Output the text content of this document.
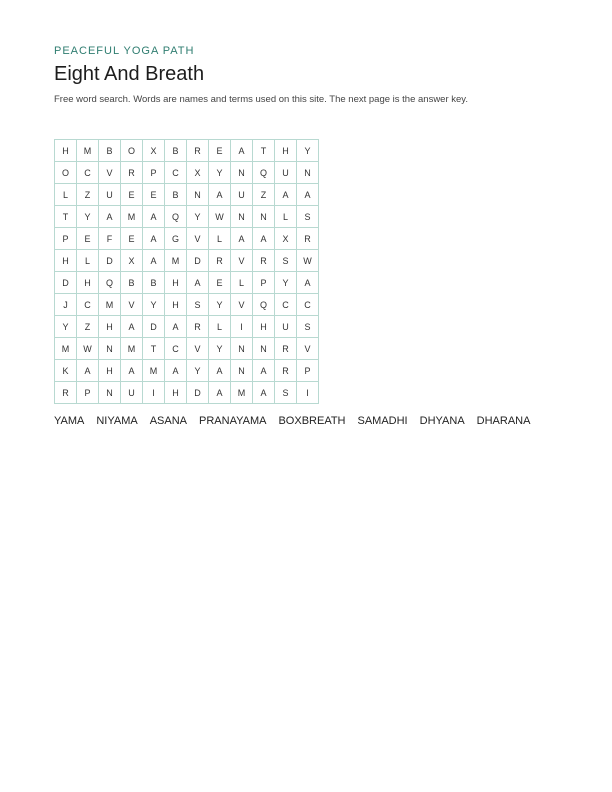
PEACEFUL YOGA PATH
Eight And Breath
Free word search. Words are names and terms used on this site. The next page is the answer key.
H	M	B	O	X	B	R	E	A	T	H	Y
O	C	V	R	P	C	X	Y	N	Q	U	N
L	Z	U	E	E	B	N	A	U	Z	A	A
T	Y	A	M	A	Q	Y	W	N	N	L	S
P	E	F	E	A	G	V	L	A	A	X	R
H	L	D	X	A	M	D	R	V	R	S	W
D	H	Q	B	B	H	A	E	L	P	Y	A
J	C	M	V	Y	H	S	Y	V	Q	C	C
Y	Z	H	A	D	A	R	L	I	H	U	S
M	W	N	M	T	C	V	Y	N	N	R	V
K	A	H	A	M	A	Y	A	N	A	R	P
R	P	N	U	I	H	D	A	M	A	S	I
YAMA NIYAMA ASANA PRANAYAMA BOXBREATH SAMADHI DHYANA DHARANA
